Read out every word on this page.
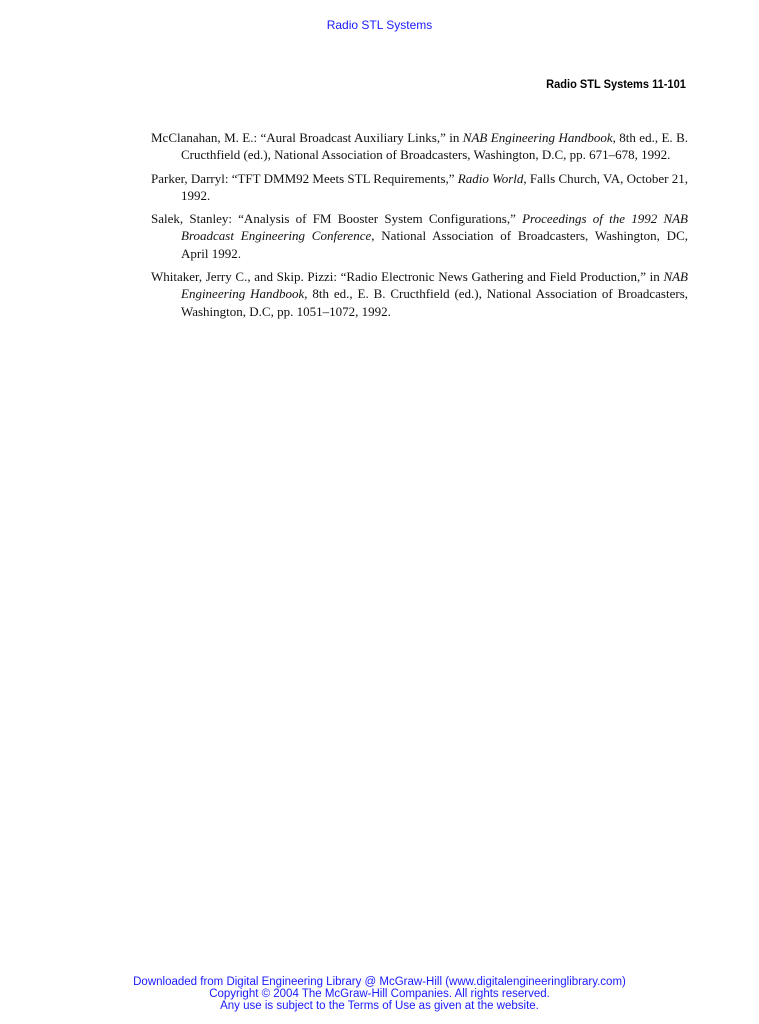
Radio STL Systems
Radio STL Systems 11-101
McClanahan, M. E.: “Aural Broadcast Auxiliary Links,” in NAB Engineering Handbook, 8th ed., E. B. Cructhfield (ed.), National Association of Broadcasters, Washington, D.C, pp. 671–678, 1992.
Parker, Darryl: “TFT DMM92 Meets STL Requirements,” Radio World, Falls Church, VA, October 21, 1992.
Salek, Stanley: “Analysis of FM Booster System Configurations,” Proceedings of the 1992 NAB Broadcast Engineering Conference, National Association of Broadcasters, Washington, DC, April 1992.
Whitaker, Jerry C., and Skip. Pizzi: “Radio Electronic News Gathering and Field Production,” in NAB Engineering Handbook, 8th ed., E. B. Cructhfield (ed.), National Association of Broadcasters, Washington, D.C, pp. 1051–1072, 1992.
Downloaded from Digital Engineering Library @ McGraw-Hill (www.digitalengineeringlibrary.com)
Copyright © 2004 The McGraw-Hill Companies. All rights reserved.
Any use is subject to the Terms of Use as given at the website.
